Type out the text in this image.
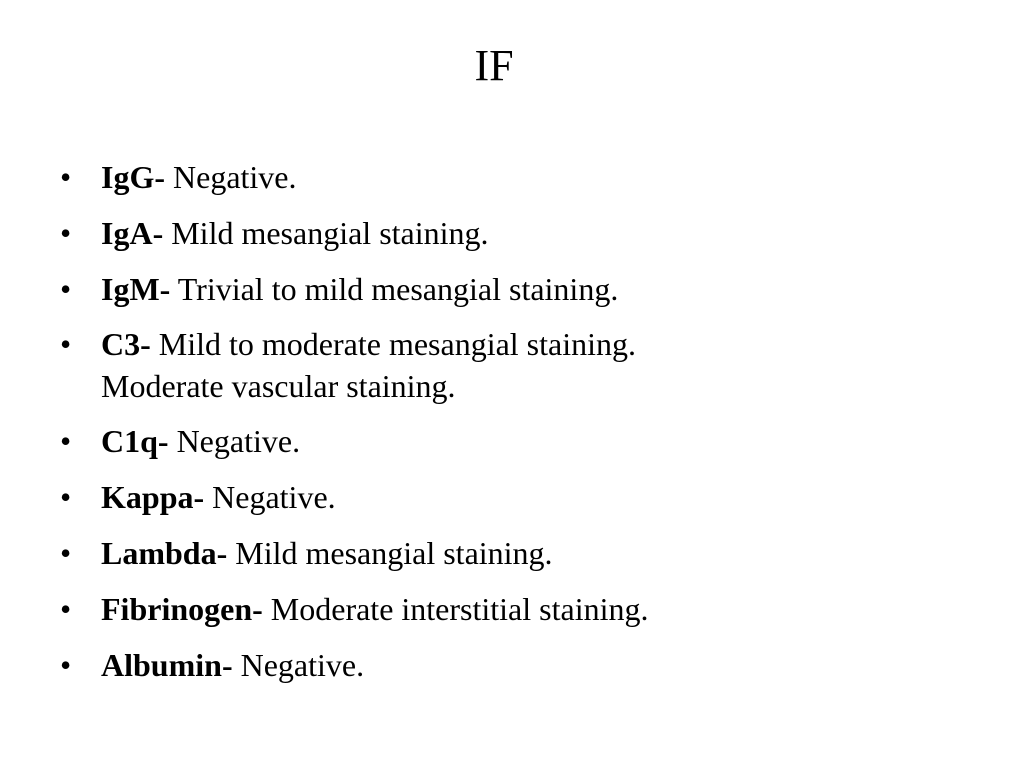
IF
• IgG- Negative.
• IgA- Mild mesangial staining.
• IgM- Trivial to mild mesangial staining.
• C3- Mild to moderate mesangial staining.
Moderate vascular staining.
• C1q- Negative.
• Kappa- Negative.
• Lambda- Mild mesangial staining.
• Fibrinogen- Moderate interstitial staining.
• Albumin- Negative.
